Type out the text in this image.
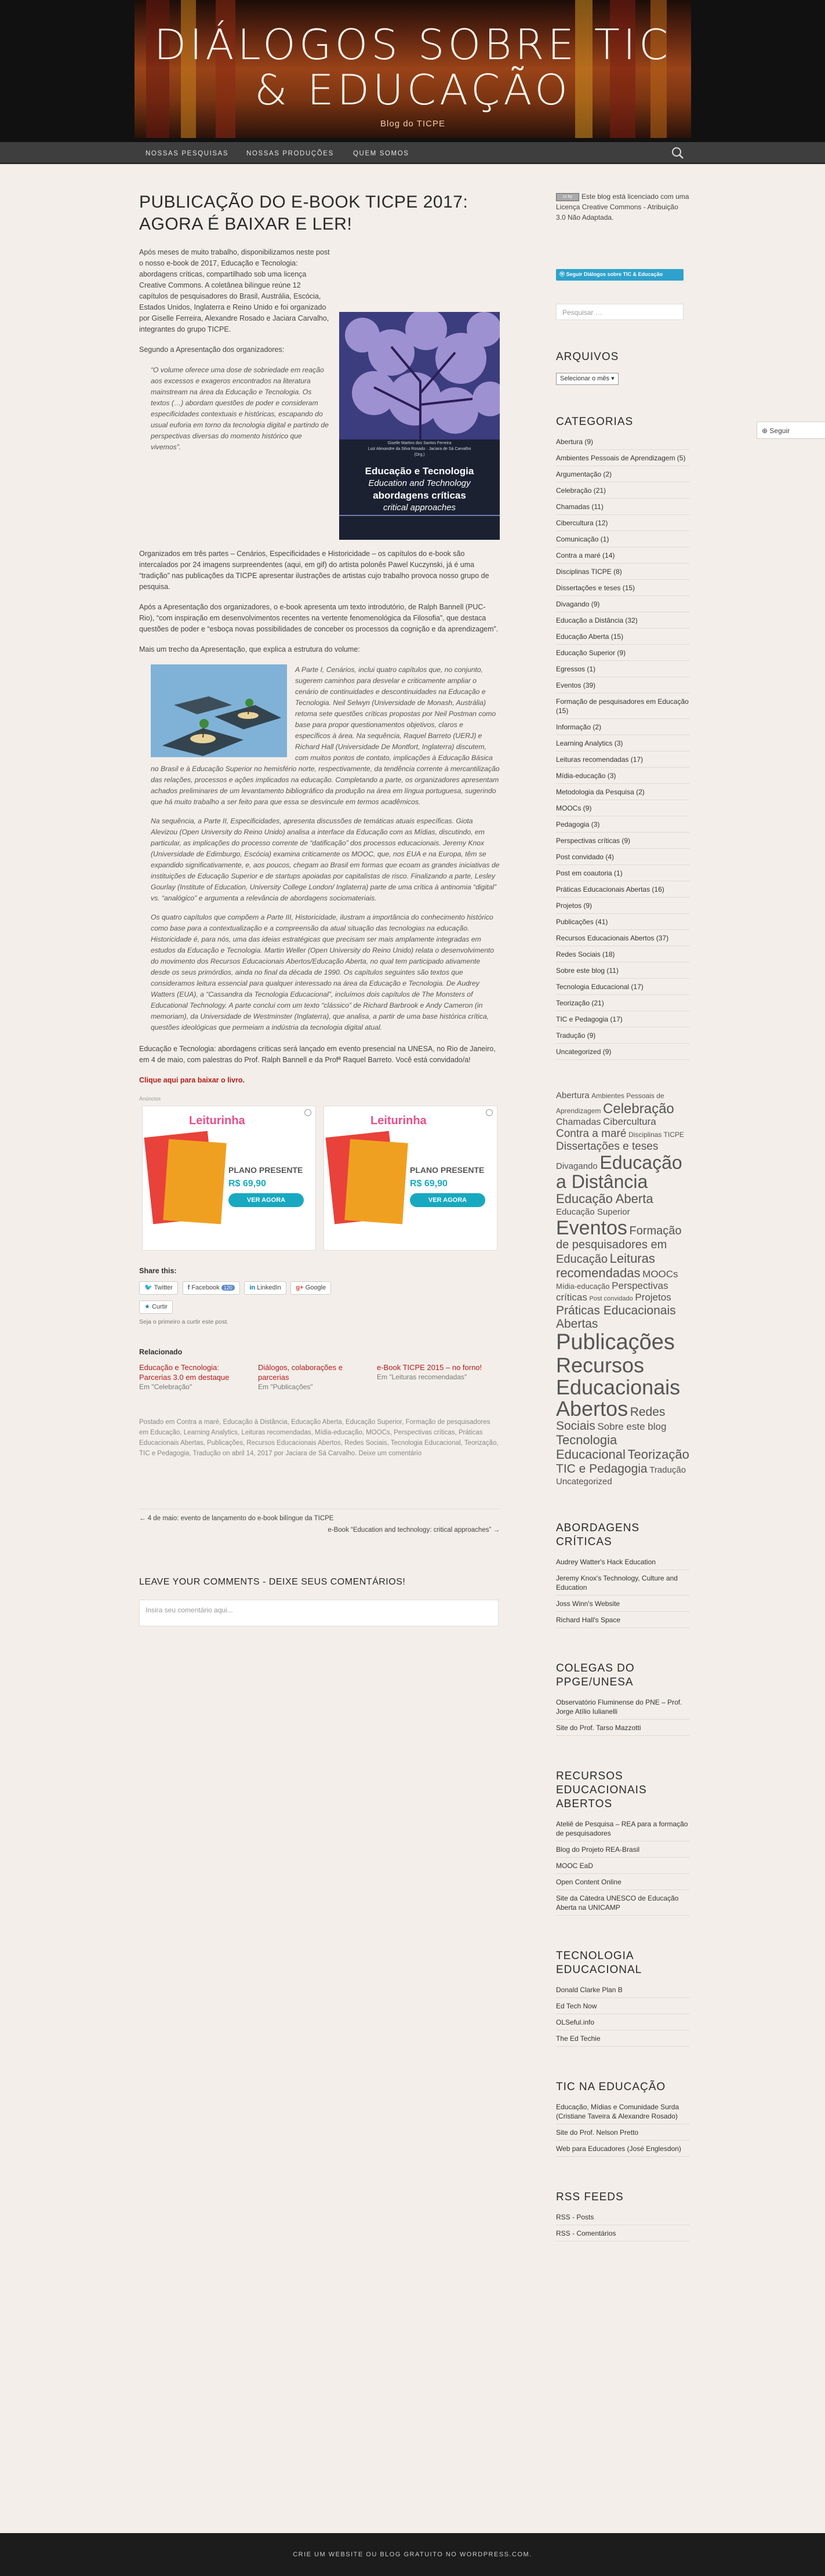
DIÁLOGOS SOBRE TIC & EDUCAÇÃO
Blog do TICPE
NOSSAS PESQUISAS	NOSSAS PRODUÇÕES	QUEM SOMOS
PUBLICAÇÃO DO E-BOOK TICPE 2017: AGORA É BAIXAR E LER!

Após meses de muito trabalho, disponibilizamos neste post o nosso e-book de 2017, Educação e Tecnologia: abordagens críticas, compartilhado sob uma licença Creative Commons. A coletânea bilíngue reúne 12 capítulos de pesquisadores do Brasil, Austrália, Escócia, Estados Unidos, Inglaterra e Reino Unido e foi organizado por Giselle Ferreira, Alexandre Rosado e Jaciara Carvalho, integrantes do grupo TICPE.

Segundo a Apresentação dos organizadores:

“O volume oferece uma dose de sobriedade em reação aos excessos e exageros encontrados na literatura mainstream na área da Educação e Tecnologia. Os textos (…) abordam questões de poder e consideram especificidades contextuais e históricas, escapando do usual euforia em torno da tecnologia digital e partindo de perspectivas diversas do momento histórico que vivemos”.	Giselle Martins dos Santos Ferreira
Luiz Alexandre da Silva Rosado · Jaciara de Sá Carvalho
(Org.)
Educação e Tecnologia
Education and Technology
abordagens críticas
critical approaches

Organizados em três partes – Cenários, Especificidades e Historicidade – os capítulos do e-book são intercalados por 24 imagens surpreendentes (aqui, em gif) do artista polonês Pawel Kuczynski, já é uma “tradição” nas publicações da TICPE apresentar ilustrações de artistas cujo trabalho provoca nosso grupo de pesquisa.

Após a Apresentação dos organizadores, o e-book apresenta um texto introdutório, de Ralph Bannell (PUC-Rio), “com inspiração em desenvolvimentos recentes na vertente fenomenológica da Filosofia”, que destaca questões de poder e “esboça novas possibilidades de conceber os processos da cognição e da aprendizagem”.

Mais um trecho da Apresentação, que explica a estrutura do volume:

A Parte I, Cenários, inclui quatro capítulos que, no conjunto, sugerem caminhos para desvelar e criticamente ampliar o cenário de continuidades e descontinuidades na Educação e Tecnologia. Neil Selwyn (Universidade de Monash, Austrália) retoma sete questões críticas propostas por Neil Postman como base para propor questionamentos objetivos, claros e específicos à área. Na sequência, Raquel Barreto (UERJ) e Richard Hall (Universidade De Montfort, Inglaterra) discutem, com muitos pontos de contato, implicações à Educação Básica no Brasil e à Educação Superior no hemisfério norte, respectivamente, da tendência corrente à mercantilização das relações, processos e ações implicados na educação. Completando a parte, os organizadores apresentam achados preliminares de um levantamento bibliográfico da produção na área em língua portuguesa, sugerindo que há muito trabalho a ser feito para que essa se desvincule em termos acadêmicos.

Na sequência, a Parte II, Especificidades, apresenta discussões de temáticas atuais específicas. Giota Alevizou (Open University do Reino Unido) analisa a interface da Educação com as Mídias, discutindo, em particular, as implicações do processo corrente de “datificação” dos processos educacionais. Jeremy Knox (Universidade de Edimburgo, Escócia) examina criticamente os MOOC, que, nos EUA e na Europa, têm se expandido significativamente, e, aos poucos, chegam ao Brasil em formas que ecoam as grandes iniciativas de instituições de Educação Superior e de startups apoiadas por capitalistas de risco. Finalizando a parte, Lesley Gourlay (Institute of Education, University College London/ Inglaterra) parte de uma crítica à antinomia “digital” vs. “analógico” e argumenta a relevância de abordagens sociomateriais.

Os quatro capítulos que compõem a Parte III, Historicidade, ilustram a importância do conhecimento histórico como base para a contextualização e a compreensão da atual situação das tecnologias na educação. Historicidade é, para nós, uma das ideias estratégicas que precisam ser mais amplamente integradas em estudos da Educação e Tecnologia. Martin Weller (Open University do Reino Unido) relata o desenvolvimento do movimento dos Recursos Educacionais Abertos/Educação Aberta, no qual tem participado ativamente desde os seus primórdios, ainda no final da década de 1990. Os capítulos seguintes são textos que consideramos leitura essencial para qualquer interessado na área da Educação e Tecnologia. De Audrey Watters (EUA), a “Cassandra da Tecnologia Educacional”, incluímos dois capítulos de The Monsters of Educational Technology. A parte conclui com um texto “clássico” de Richard Barbrook e Andy Cameron (in memoriam), da Universidade de Westminster (Inglaterra), que analisa, a partir de uma base histórica crítica, questões ideológicas que permeiam a indústria da tecnologia digital atual.

Educação e Tecnologia: abordagens críticas será lançado em evento presencial na UNESA, no Rio de Janeiro, em 4 de maio, com palestras do Prof. Ralph Bannell e da Profª Raquel Barreto. Você está convidado/a!

Clique aqui para baixar o livro.

Anúncios
Leiturinha
PLANO PRESENTE
R$ 69,90
VER AGORA
Leiturinha
PLANO PRESENTE
R$ 69,90
VER AGORA
Share this:
🐦 Twitter f Facebook 120	in LinkedIn g+ Google
★ Curtir
Seja o primeiro a curtir este post.
Relacionado
Educação e Tecnologia: Parcerias 3.0 em destaque
Em "Celebração"
Diálogos, colaborações e parcerias
Em "Publicações"
e-Book TICPE 2015 – no forno!
Em "Leituras recomendadas"

Postado em Contra a maré, Educação à Distância, Educação Aberta, Educação Superior, Formação de pesquisadores em Educação, Learning Analytics, Leituras recomendadas, Mídia-educação, MOOCs, Perspectivas críticas, Práticas Educacionais Abertas, Publicações, Recursos Educacionais Abertos, Redes Sociais, Tecnologia Educacional, Teorização, TIC e Pedagogia, Tradução on abril 14, 2017 por Jaciara de Sá Carvalho. Deixe um comentário

← 4 de maio: evento de lançamento do e-book bilíngue da TICPE
e-Book “Education and technology: critical approaches” →
LEAVE YOUR COMMENTS - DEIXE SEUS COMENTÁRIOS!
Insira seu comentário aqui...
cc by	Este blog está licenciado com uma Licença Creative Commons - Atribuição 3.0 Não Adaptada.

Ⓦ Seguir Diálogos sobre TIC & Educação
Pesquisar …
ARQUIVOS
Selecionar o mês ▾
CATEGORIAS
Abertura (9)
Ambientes Pessoais de Aprendizagem (5)
Argumentação (2)
Celebração (21)
Chamadas (11)
Cibercultura (12)
Comunicação (1)
Contra a maré (14)
Disciplinas TICPE (8)
Dissertações e teses (15)
Divagando (9)
Educação a Distância (32)
Educação Aberta (15)
Educação Superior (9)
Egressos (1)
Eventos (39)
Formação de pesquisadores em Educação (15)
Informação (2)
Learning Analytics (3)
Leituras recomendadas (17)
Mídia-educação (3)
Metodologia da Pesquisa (2)
MOOCs (9)
Pedagogia (3)
Perspectivas críticas (9)
Post convidado (4)
Post em coautoria (1)
Práticas Educacionais Abertas (16)
Projetos (9)
Publicações (41)
Recursos Educacionais Abertos (37)
Redes Sociais (18)
Sobre este blog (11)
Tecnologia Educacional (17)
Teorização (21)
TIC e Pedagogia (17)
Tradução (9)
Uncategorized (9)
Abertura Ambientes Pessoais de Aprendizagem Celebração Chamadas Cibercultura Contra a maré Disciplinas TICPE Dissertações e teses Divagando Educação a Distância Educação Aberta Educação Superior Eventos Formação de pesquisadores em Educação Leituras recomendadas MOOCs Mídia-educação Perspectivas críticas Post convidado Projetos Práticas Educacionais Abertas Publicações Recursos Educacionais Abertos Redes Sociais Sobre este blog Tecnologia Educacional Teorização TIC e Pedagogia Tradução Uncategorized
ABORDAGENS CRÍTICAS
Audrey Watter's Hack Education
Jeremy Knox's Technology, Culture and Education
Joss Winn's Website
Richard Hall's Space
COLEGAS DO PPGE/UNESA
Observatório Fluminense do PNE – Prof. Jorge Atílio Iulianelli
Site do Prof. Tarso Mazzotti
RECURSOS EDUCACIONAIS ABERTOS
Ateliê de Pesquisa – REA para a formação de pesquisadores
Blog do Projeto REA-Brasil
MOOC EaD
Open Content Online
Site da Cátedra UNESCO de Educação Aberta na UNICAMP
TECNOLOGIA EDUCACIONAL
Donald Clarke Plan B
Ed Tech Now
OLSeful.info
The Ed Techie
TIC NA EDUCAÇÃO
Educação, Mídias e Comunidade Surda (Cristiane Taveira & Alexandre Rosado)
Site do Prof. Nelson Pretto
Web para Educadores (José Englesdon)
RSS FEEDS
RSS - Posts
RSS - Comentários
⊕ Seguir
CRIE UM WEBSITE OU BLOG GRATUITO NO WORDPRESS.COM.
